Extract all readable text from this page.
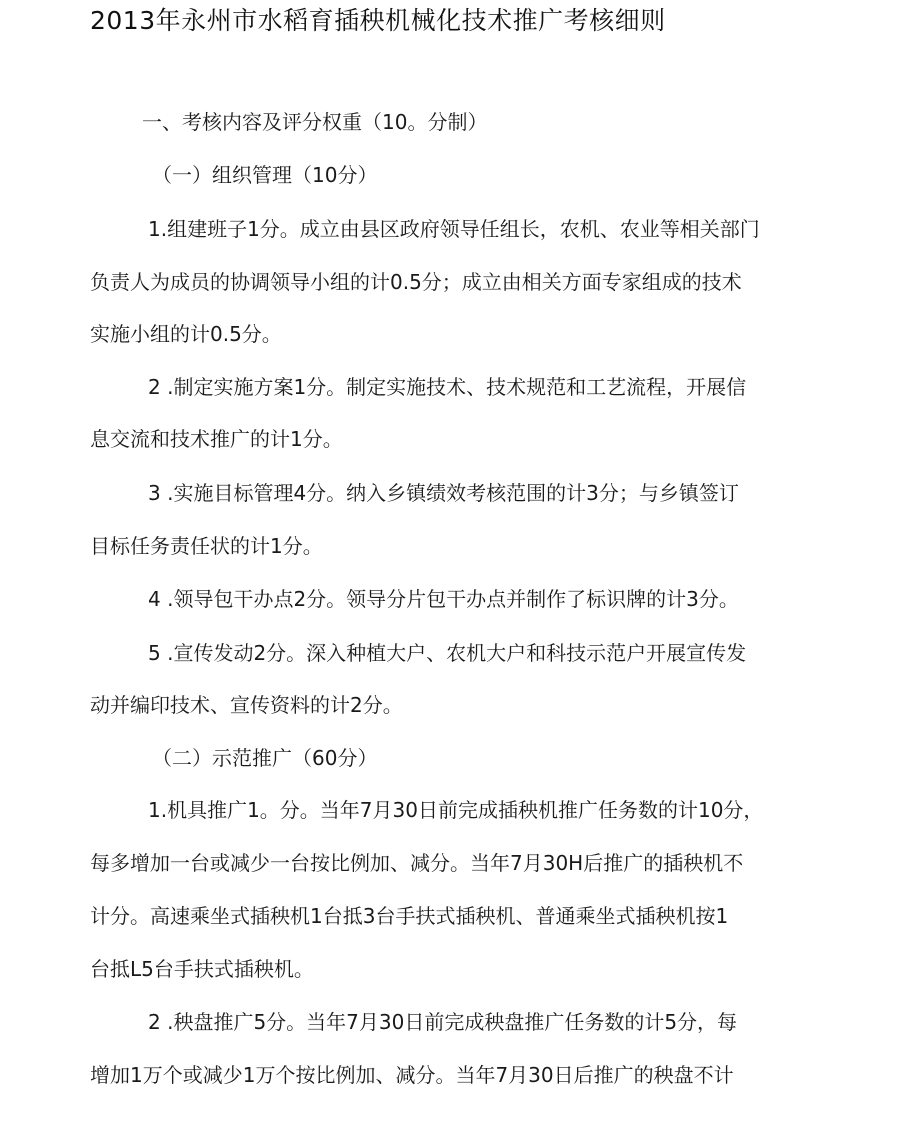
2013年永州市水稻育插秧机械化技术推广考核细则
一、考核内容及评分权重（10。分制）
（一）组织管理（10分）
1.组建班子1分。成立由县区政府领导任组长，农机、农业等相关部门
负责人为成员的协调领导小组的计0.5分；成立由相关方面专家组成的技术
实施小组的计0.5分。
2 .制定实施方案1分。制定实施技术、技术规范和工艺流程，开展信
息交流和技术推广的计1分。
3 .实施目标管理4分。纳入乡镇绩效考核范围的计3分；与乡镇签订
目标任务责任状的计1分。
4 .领导包干办点2分。领导分片包干办点并制作了标识牌的计3分。
5 .宣传发动2分。深入种植大户、农机大户和科技示范户开展宣传发
动并编印技术、宣传资料的计2分。
（二）示范推广（60分）
1.机具推广1。分。当年7月30日前完成插秧机推广任务数的计10分，
每多增加一台或减少一台按比例加、减分。当年7月30H后推广的插秧机不
计分。高速乘坐式插秧机1台抵3台手扶式插秧机、普通乘坐式插秧机按1
台抵L5台手扶式插秧机。
2 .秧盘推广5分。当年7月30日前完成秧盘推广任务数的计5分，每
增加1万个或减少1万个按比例加、减分。当年7月30日后推广的秧盘不计
